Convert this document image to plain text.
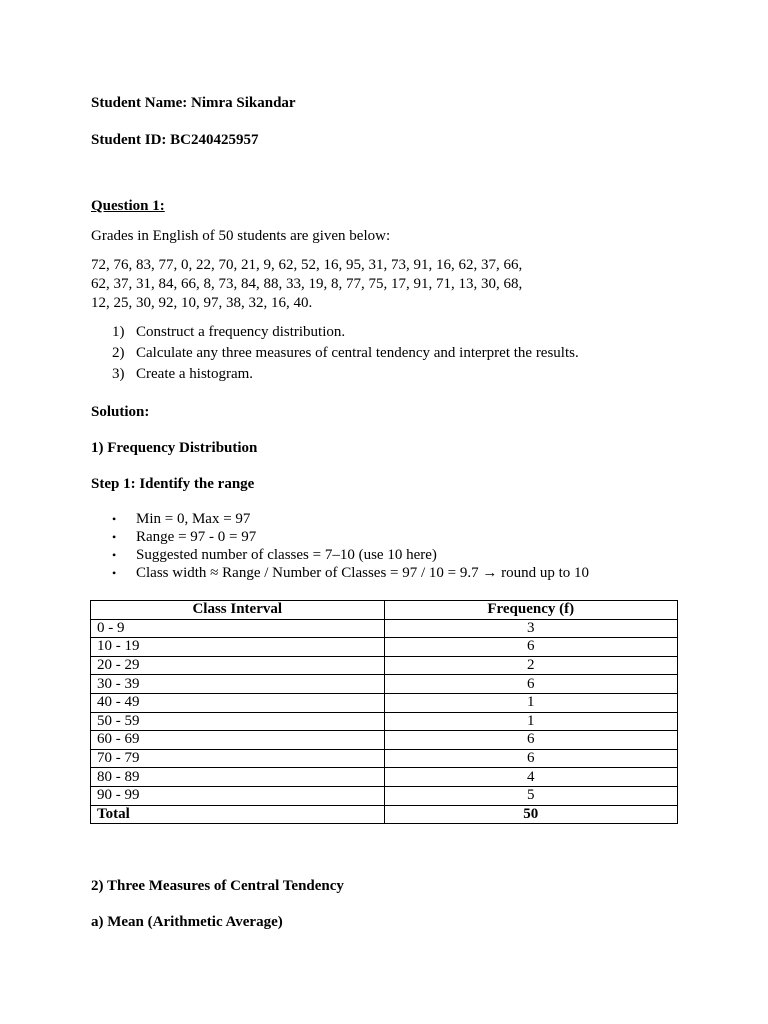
Student Name: Nimra Sikandar
Student ID: BC240425957
Question 1:
Grades in English of 50 students are given below:
72, 76, 83, 77, 0, 22, 70, 21, 9, 62, 52, 16, 95, 31, 73, 91, 16, 62, 37, 66,
62, 37, 31, 84, 66, 8, 73, 84, 88, 33, 19, 8, 77, 75, 17, 91, 71, 13, 30, 68,
12, 25, 30, 92, 10, 97, 38, 32, 16, 40.
1) Construct a frequency distribution.
2) Calculate any three measures of central tendency and interpret the results.
3) Create a histogram.
Solution:
1) Frequency Distribution
Step 1: Identify the range
• Min = 0, Max = 97
• Range = 97 - 0 = 97
• Suggested number of classes = 7–10 (use 10 here)
• Class width ≈ Range / Number of Classes = 97 / 10 = 9.7 → round up to 10
Class Interval	Frequency (f)
0 - 9	3
10 - 19	6
20 - 29	2
30 - 39	6
40 - 49	1
50 - 59	1
60 - 69	6
70 - 79	6
80 - 89	4
90 - 99	5
Total	50
2) Three Measures of Central Tendency
a) Mean (Arithmetic Average)
